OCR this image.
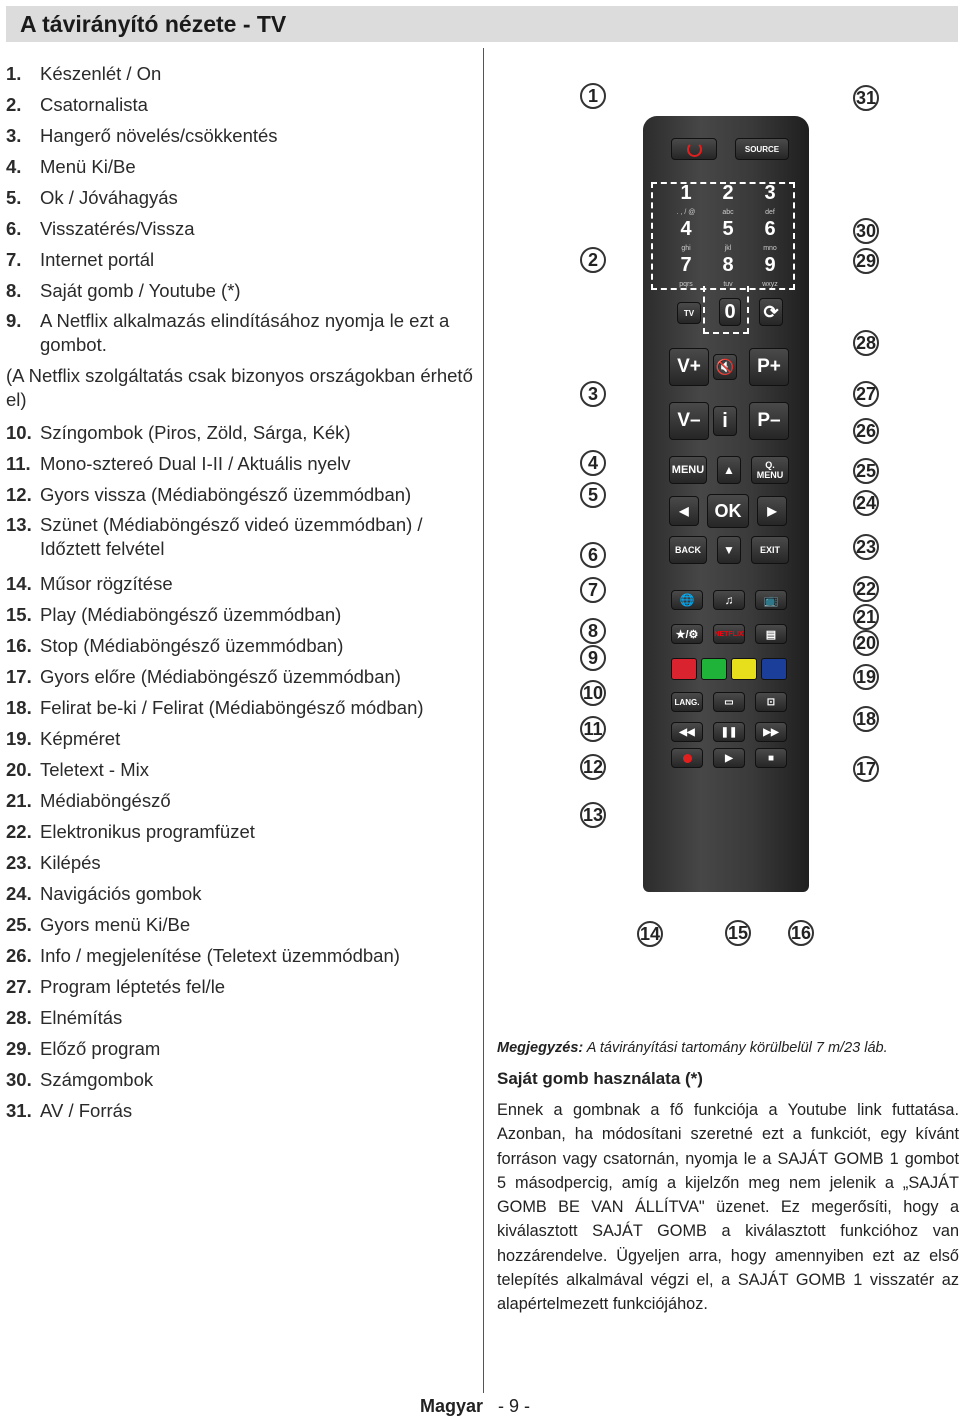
A távirányító nézete - TV
1. Készenlét / On
2. Csatornalista
3. Hangerő növelés/csökkentés
4. Menü Ki/Be
5. Ok / Jóváhagyás
6. Visszatérés/Vissza
7. Internet portál
8. Saját gomb / Youtube (*)
9. A Netflix alkalmazás elindításához nyomja le ezt a gombot.
(A Netflix szolgáltatás csak bizonyos országokban érhető el)
10. Színgombok (Piros, Zöld, Sárga, Kék)
11. Mono-sztereó Dual I-II / Aktuális nyelv
12. Gyors vissza (Médiaböngésző üzemmódban)
13. Szünet (Médiaböngésző videó üzemmódban) / Időztett felvétel
14. Műsor rögzítése
15. Play (Médiaböngésző üzemmódban)
16. Stop (Médiaböngésző üzemmódban)
17. Gyors előre (Médiaböngésző üzemmódban)
18. Felirat be-ki / Felirat (Médiaböngésző módban)
19. Képméret
20. Teletext - Mix
21. Médiaböngésző
22. Elektronikus programfüzet
23. Kilépés
24. Navigációs gombok
25. Gyors menü Ki/Be
26. Info / megjelenítése (Teletext üzemmódban)
27. Program léptetés fel/le
28. Elnémítás
29. Előző program
30. Számgombok
31. AV / Forrás
SOURCE
TV	0 ⟳
V+ 🔇	P+
V–	i	P–
MENU	▲	Q.
MENU
◀	OK	▶
BACK	▼	EXIT
🌐	♫	📺
★/⚙	NETFLIX	▤
LANG.	▭	⊡
◀◀	❚❚	▶▶
▶	■
1
. , / @
2
abc
3
def
4
ghi
5
jkl
6
mno
7
pqrs
8
tuv
9
wxyz
1
2
3
4
5
6
7
8
9
10
11
12
13
14	15 16
17
18
19
20
21
22
23
24
25
26
27
28
29
30
31
Megjegyzés: A távirányítási tartomány körülbelül 7 m/23 láb.
Saját gomb használata (*)

Ennek a gombnak a fő funkciója a Youtube link futtatása. Azonban, ha módosítani szeretné ezt a funkciót, egy kívánt forráson vagy csatornán, nyomja le a SAJÁT GOMB 1 gombot 5 másodpercig, amíg a kijelzőn meg nem jelenik a „SAJÁT GOMB BE VAN ÁLLÍTVA" üzenet. Ez megerősíti, hogy a kiválasztott SAJÁT GOMB a kiválasztott funkcióhoz van hozzárendelve. Ügyeljen arra, hogy amennyiben ezt az első telepítés alkalmával végzi el, a SAJÁT GOMB 1 visszatér az alapértelmezett funkciójához.

Magyar - 9 -
